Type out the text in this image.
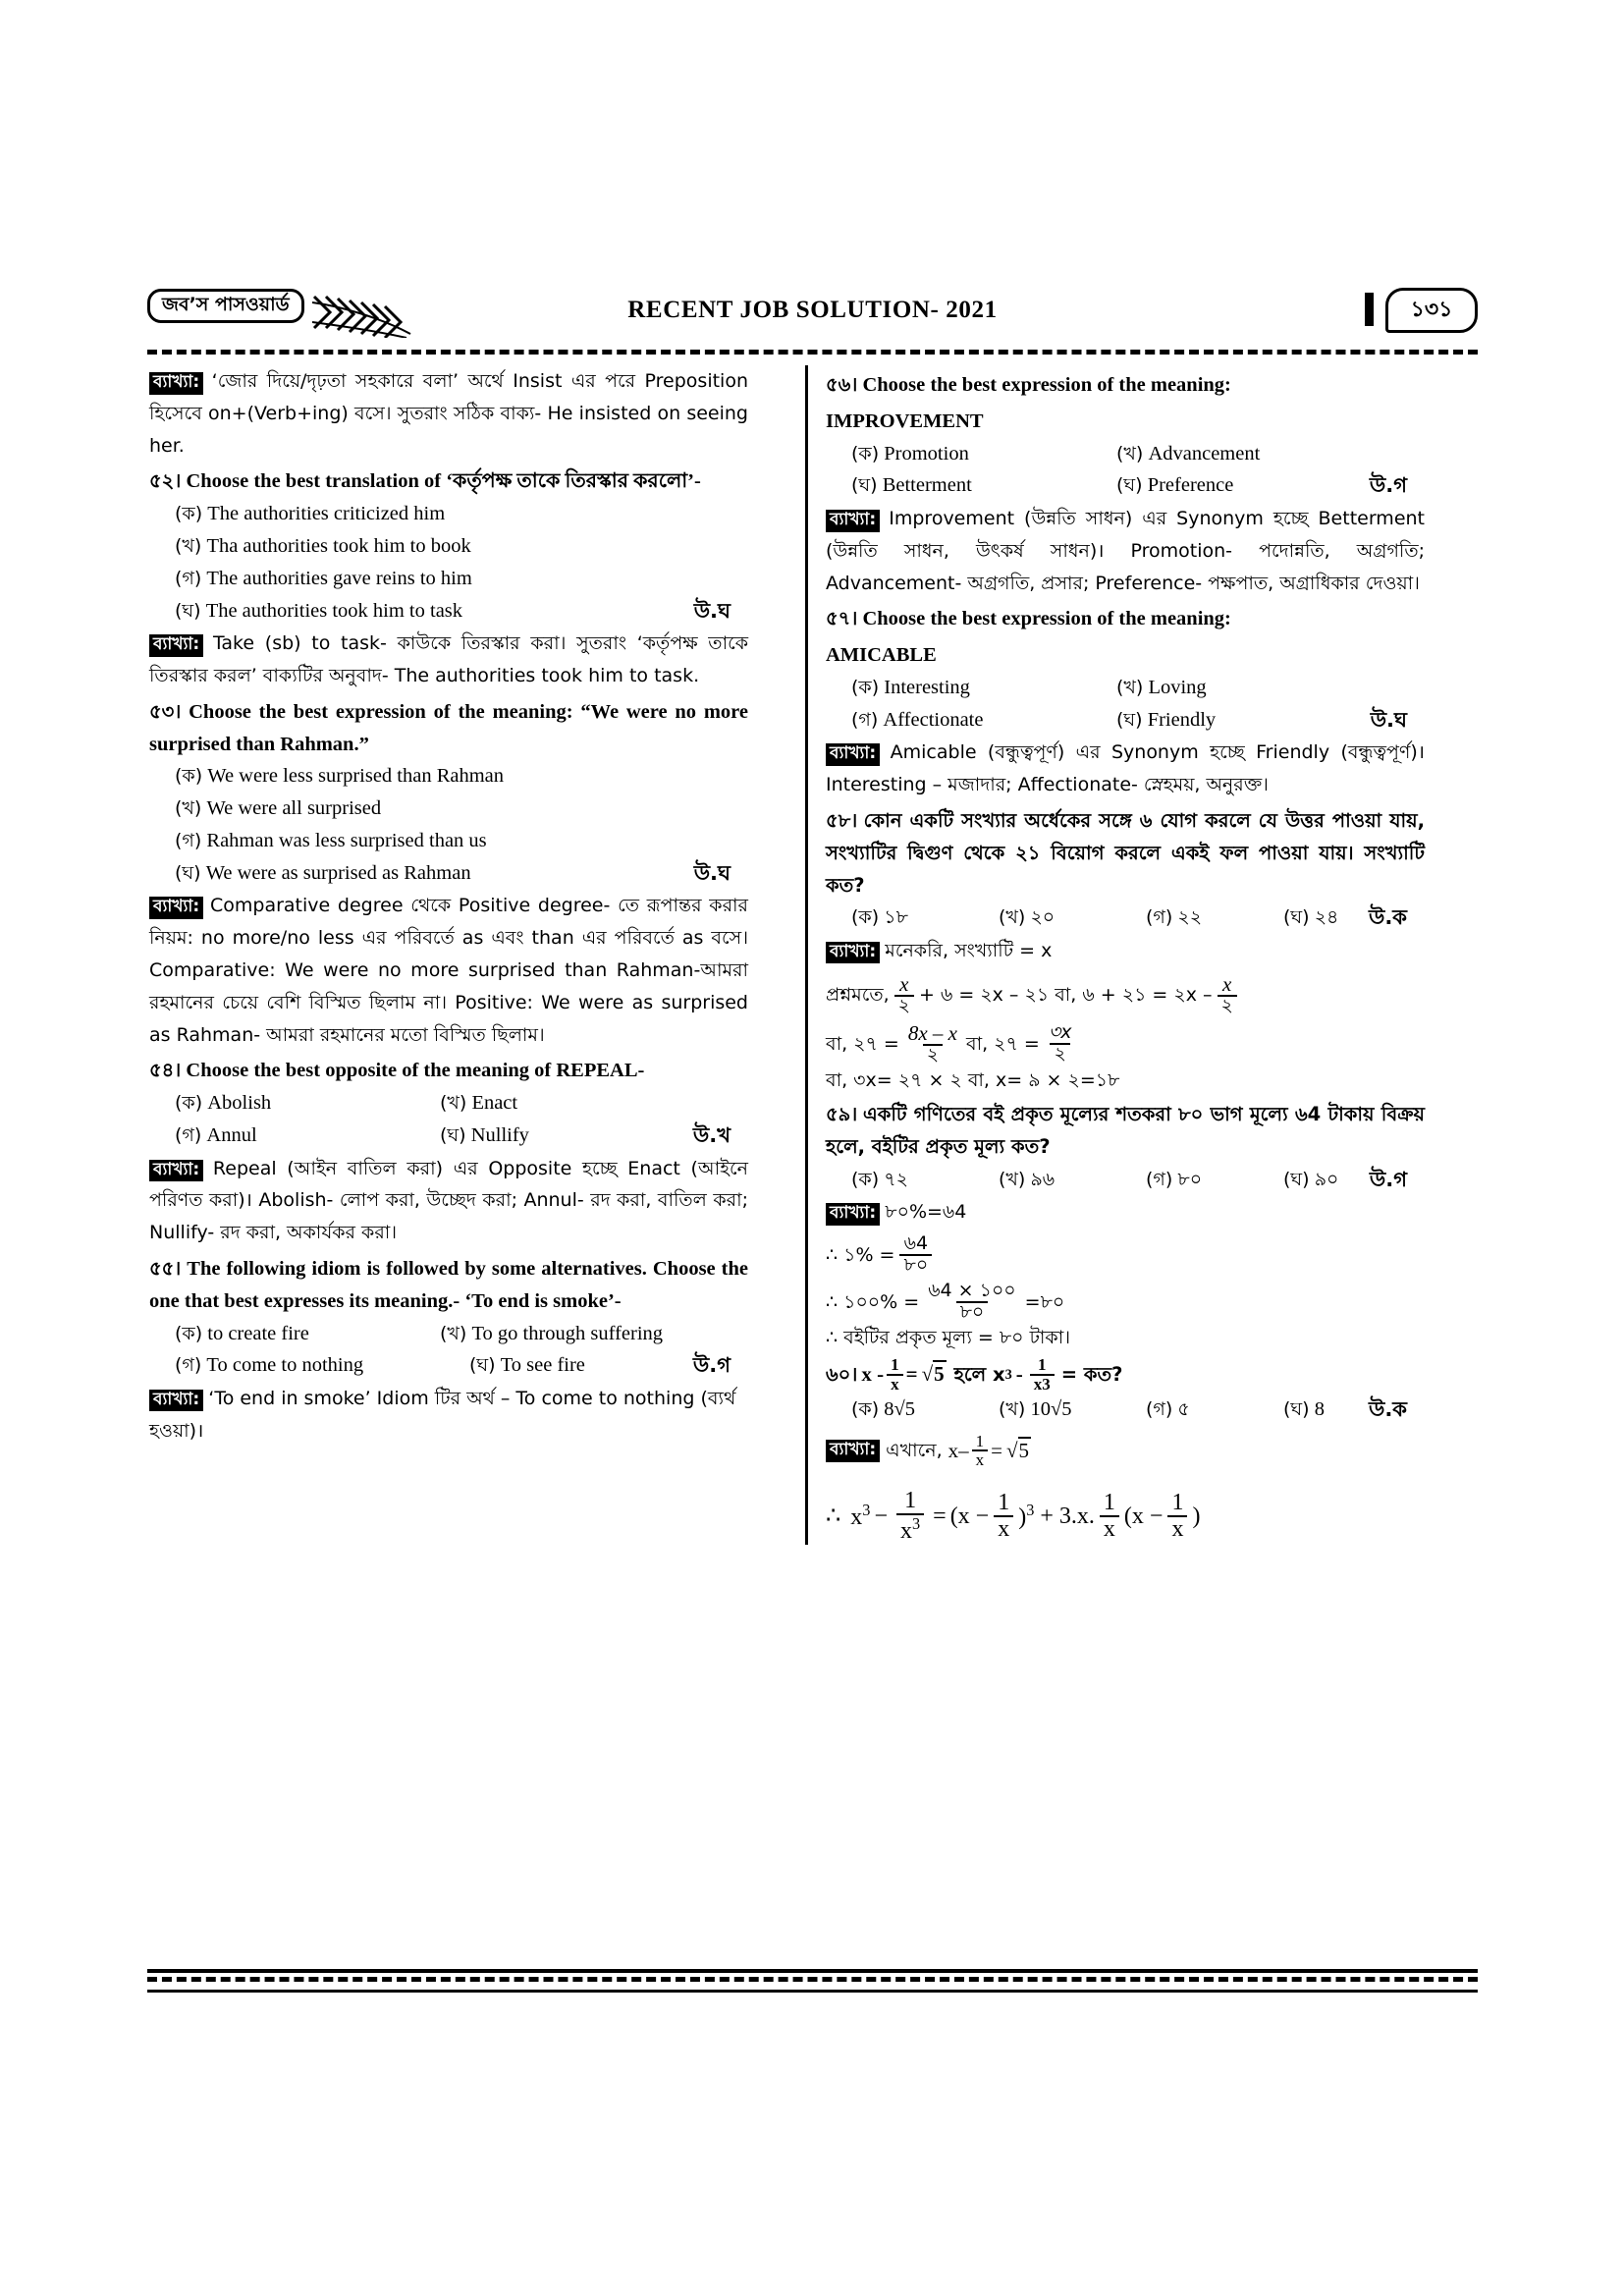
জব’স পাসওয়ার্ড	RECENT JOB SOLUTION- 2021	১৩১
ব্যাখ্যা: ‘জোর দিয়ে/দৃঢ়তা সহকারে বলা’ অর্থে Insist এর পরে Preposition হিসেবে on+(Verb+ing) বসে। সুতরাং সঠিক বাক্য- He insisted on seeing her.
৫২। Choose the best translation of ‘কর্তৃপক্ষ তাকে তিরস্কার করলো’-
(ক) The authorities criticized him
(খ) Tha authorities took him to book
(গ) The authorities gave reins to him
(ঘ) The authorities took him to task	উ.ঘ
ব্যাখ্যা: Take (sb) to task- কাউকে তিরস্কার করা। সুতরাং ‘কর্তৃপক্ষ তাকে তিরস্কার করল’ বাক্যটির অনুবাদ- The authorities took him to task.
৫৩। Choose the best expression of the meaning: “We were no more surprised than Rahman.”
(ক) We were less surprised than Rahman
(খ) We were all surprised
(গ) Rahman was less surprised than us
(ঘ) We were as surprised as Rahman	উ.ঘ
ব্যাখ্যা: Comparative degree থেকে Positive degree- তে রূপান্তর করার নিয়ম: no more/no less এর পরিবর্তে as এবং than এর পরিবর্তে as বসে। Comparative: We were no more surprised than Rahman-আমরা রহমানের চেয়ে বেশি বিস্মিত ছিলাম না। Positive: We were as surprised as Rahman- আমরা রহমানের মতো বিস্মিত ছিলাম।
৫৪। Choose the best opposite of the meaning of REPEAL-
(ক) Abolish	(খ) Enact
(গ) Annul	(ঘ) Nullify	উ.খ
ব্যাখ্যা: Repeal (আইন বাতিল করা) এর Opposite হচ্ছে Enact (আইনে পরিণত করা)। Abolish- লোপ করা, উচ্ছেদ করা; Annul- রদ করা, বাতিল করা; Nullify- রদ করা, অকার্যকর করা।
৫৫। The following idiom is followed by some alternatives. Choose the one that best expresses its meaning.- ‘To end is smoke’-
(ক) to create fire	(খ) To go through suffering
(গ) To come to nothing	(ঘ) To see fire	উ.গ
ব্যাখ্যা: ‘To end in smoke’ Idiom টির অর্থ – To come to nothing (ব্যর্থ হওয়া)।
৫৬। Choose the best expression of the meaning:
IMPROVEMENT
(ক) Promotion	(খ) Advancement
(ঘ) Betterment	(ঘ) Preference	উ.গ
ব্যাখ্যা: Improvement (উন্নতি সাধন) এর Synonym হচ্ছে Betterment (উন্নতি সাধন, উৎকর্ষ সাধন)। Promotion- পদোন্নতি, অগ্রগতি; Advancement- অগ্রগতি, প্রসার; Preference- পক্ষপাত, অগ্রাধিকার দেওয়া।
৫৭। Choose the best expression of the meaning:
AMICABLE
(ক) Interesting	(খ) Loving
(গ) Affectionate	(ঘ) Friendly	উ.ঘ
ব্যাখ্যা: Amicable (বন্ধুত্বপূর্ণ) এর Synonym হচ্ছে Friendly (বন্ধুত্বপূর্ণ)। Interesting – মজাদার; Affectionate- স্নেহময়, অনুরক্ত।
৫৮। কোন একটি সংখ্যার অর্ধেকের সঙ্গে ৬ যোগ করলে যে উত্তর পাওয়া যায়, সংখ্যাটির দ্বিগুণ থেকে ২১ বিয়োগ করলে একই ফল পাওয়া যায়। সংখ্যাটি কত?
(ক) ১৮	(খ) ২০	(গ) ২২	(ঘ) ২৪ উ.ক
ব্যাখ্যা: মনেকরি, সংখ্যাটি = x
প্রশ্নমতে, $\frac{x}{২}$ + ৬ = ২x – ২১ বা, ৬ + ২১ = ২x – $\frac{x}{২}$
বা, ২৭ = $\frac{8x - x}{২}$ বা, ২৭ = $\frac{৩x}{২}$
বা, ৩x= ২৭ × ২ বা, x= ৯ × ২=১৮
৫৯। একটি গণিতের বই প্রকৃত মূল্যের শতকরা ৮০ ভাগ মূল্যে ৬4 টাকায় বিক্রয় হলে, বইটির প্রকৃত মূল্য কত?
(ক) ৭২	(খ) ৯৬	(গ) ৮০	(ঘ) ৯০ উ.গ
ব্যাখ্যা: ৮০%=৬4
∴ ১% = $\frac{৬4}{৮০}$
∴ ১০০% = $\frac{৬4 \times ১০০}{৮০}$ =৮০
∴ বইটির প্রকৃত মূল্য = ৮০ টাকা।
৬০। $x - \frac{1}{x} = √5$ হলে x $3 - \frac{1}{x3}$ = কত?
(ক) 8√5	(খ) 10√5	(গ) ৫	(ঘ) 8 উ.ক
ব্যাখ্যা: এখানে, $x- \frac{1}{x} = √5$
∴ $x^3 - \frac{1}{x^3} = (x - \frac{1}{x} )^3 + 3.x$. $\frac{1}{x} (x - \frac{1}{x}$ )
